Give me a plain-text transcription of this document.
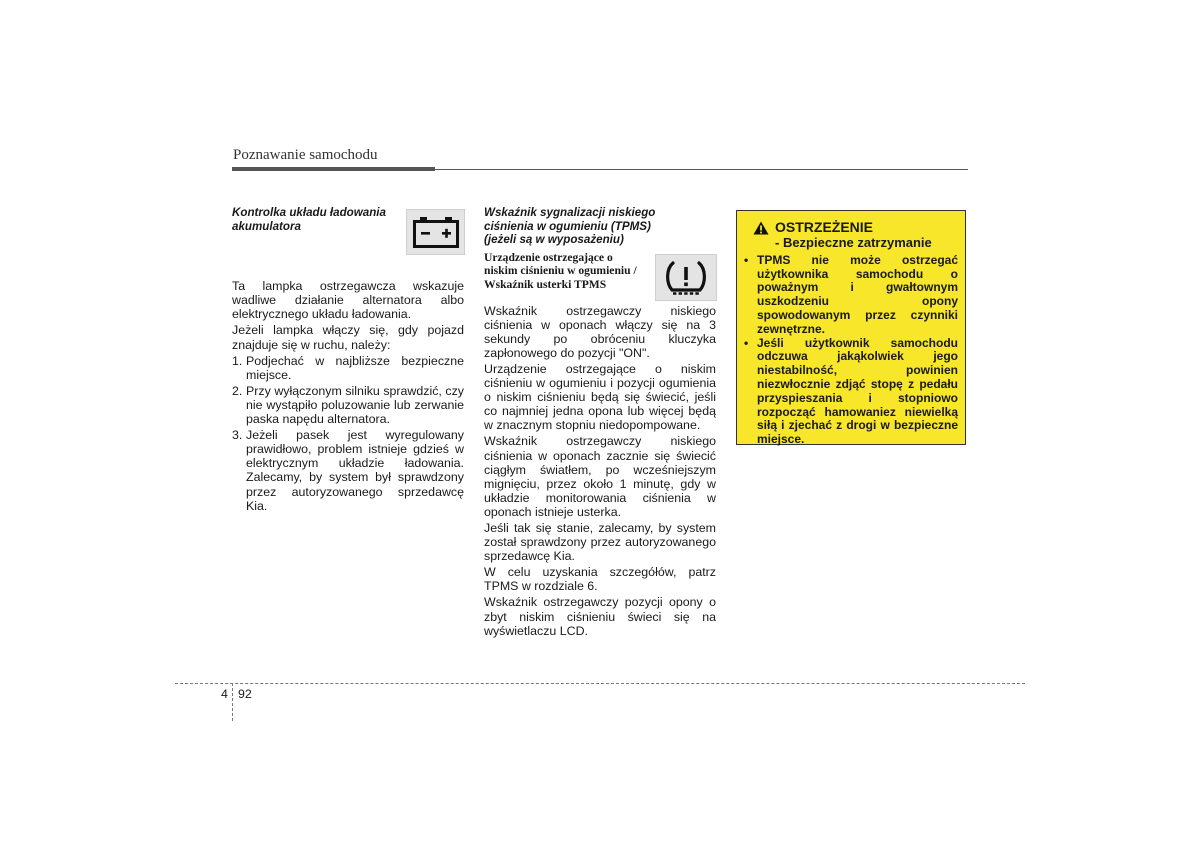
Poznawanie samochodu
Kontrolka układu ładowania akumulatora

Ta lampka ostrzegawcza wskazuje wadliwe działanie alternatora albo elektrycznego układu ładowania.

Jeżeli lampka włączy się, gdy pojazd znajduje się w ruchu, należy:

1. Podjechać w najbliższe bezpieczne miejsce.
2. Przy wyłączonym silniku sprawdzić, czy nie wystąpiło poluzowanie lub zerwanie paska napędu alternatora.
3. Jeżeli pasek jest wyregulowany prawidłowo, problem istnieje gdzieś w elektrycznym układzie ładowania. Zalecamy, by system był sprawdzony przez autoryzowanego sprzedawcę Kia.
Wskaźnik sygnalizacji niskiego ciśnienia w ogumieniu (TPMS) (jeżeli są w wyposażeniu)
Urządzenie ostrzegające o niskim ciśnieniu w ogumieniu / Wskaźnik usterki TPMS

Wskaźnik ostrzegawczy niskiego ciśnienia w oponach włączy się na 3 sekundy po obróceniu kluczyka zapłonowego do pozycji "ON".

Urządzenie ostrzegające o niskim ciśnieniu w ogumieniu i pozycji ogumienia o niskim ciśnieniu będą się świecić, jeśli co najmniej jedna opona lub więcej będą w znacznym stopniu niedopompowane.

Wskaźnik ostrzegawczy niskiego ciśnienia w oponach zacznie się świecić ciągłym światłem, po wcześniejszym mignięciu, przez około 1 minutę, gdy w układzie monitorowania ciśnienia w oponach istnieje usterka.

Jeśli tak się stanie, zalecamy, by system został sprawdzony przez autoryzowanego sprzedawcę Kia.

W celu uzyskania szczegółów, patrz TPMS w rozdziale 6.

Wskaźnik ostrzegawczy pozycji opony o zbyt niskim ciśnieniu świeci się na wyświetlaczu LCD.

OSTRZEŻENIE
- Bezpieczne zatrzymanie
• TPMS nie może ostrzegać użytkownika samochodu o poważnym i gwałtownym uszkodzeniu opony spowodowanym przez czynniki zewnętrzne.
• Jeśli użytkownik samochodu odczuwa jakąkolwiek jego niestabilność, powinien niezwłocznie zdjąć stopę z pedału przyspieszania i stopniowo rozpocząć hamowaniez niewielką siłą i zjechać z drogi w bezpieczne miejsce.
4 92
